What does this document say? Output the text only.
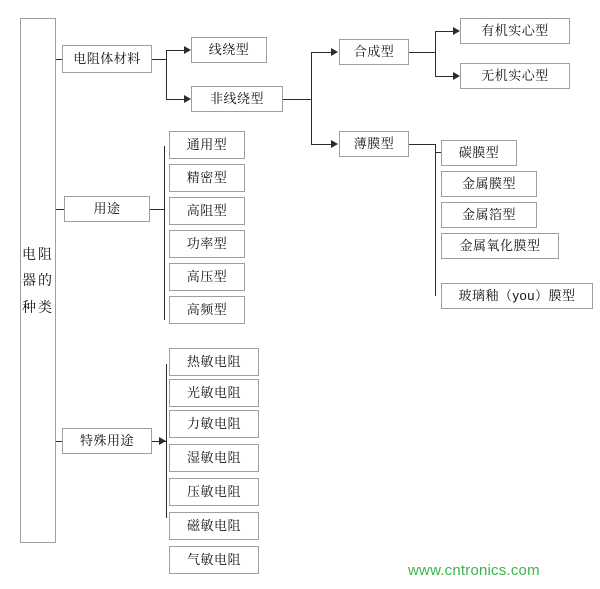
电阻器的种类
电阻体材料
用途
特殊用途
线绕型
非线绕型
合成型
薄膜型
有机实心型
无机实心型
碳膜型
金属膜型
金属箔型
金属氧化膜型
玻璃釉（you）膜型
通用型
精密型
高阻型
功率型
高压型
高频型
热敏电阻
光敏电阻
力敏电阻
湿敏电阻
压敏电阻
磁敏电阻
气敏电阻
www.cntronics.com
